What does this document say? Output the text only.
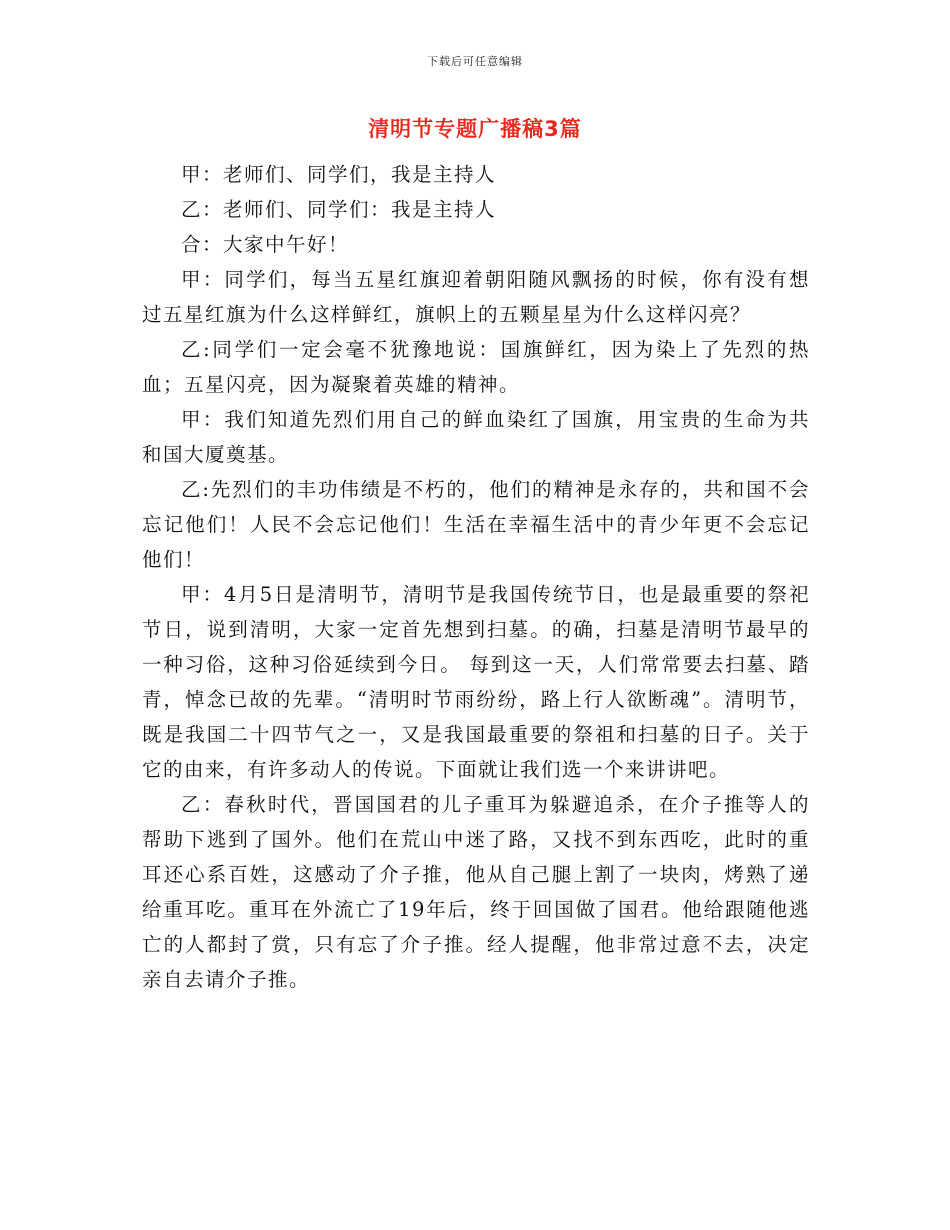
下载后可任意编辑
清明节专题广播稿3篇

甲：老师们、同学们，我是主持人

乙：老师们、同学们：我是主持人

合：大家中午好！

甲：同学们，每当五星红旗迎着朝阳随风飘扬的时候，你有没有想过五星红旗为什么这样鲜红，旗帜上的五颗星星为什么这样闪亮？

乙:同学们一定会毫不犹豫地说：国旗鲜红，因为染上了先烈的热血；五星闪亮，因为凝聚着英雄的精神。

甲：我们知道先烈们用自己的鲜血染红了国旗，用宝贵的生命为共和国大厦奠基。

乙:先烈们的丰功伟绩是不朽的，他们的精神是永存的，共和国不会忘记他们！人民不会忘记他们！生活在幸福生活中的青少年更不会忘记他们！

甲：4月5日是清明节，清明节是我国传统节日，也是最重要的祭祀节日，说到清明，大家一定首先想到扫墓。的确，扫墓是清明节最早的一种习俗，这种习俗延续到今日。 每到这一天，人们常常要去扫墓、踏青，悼念已故的先辈。“清明时节雨纷纷，路上行人欲断魂”。清明节，既是我国二十四节气之一，又是我国最重要的祭祖和扫墓的日子。关于它的由来，有许多动人的传说。下面就让我们选一个来讲讲吧。

乙：春秋时代，晋国国君的儿子重耳为躲避追杀，在介子推等人的帮助下逃到了国外。他们在荒山中迷了路，又找不到东西吃，此时的重耳还心系百姓，这感动了介子推，他从自己腿上割了一块肉，烤熟了递给重耳吃。重耳在外流亡了19年后，终于回国做了国君。他给跟随他逃亡的人都封了赏，只有忘了介子推。经人提醒，他非常过意不去，决定亲自去请介子推。
